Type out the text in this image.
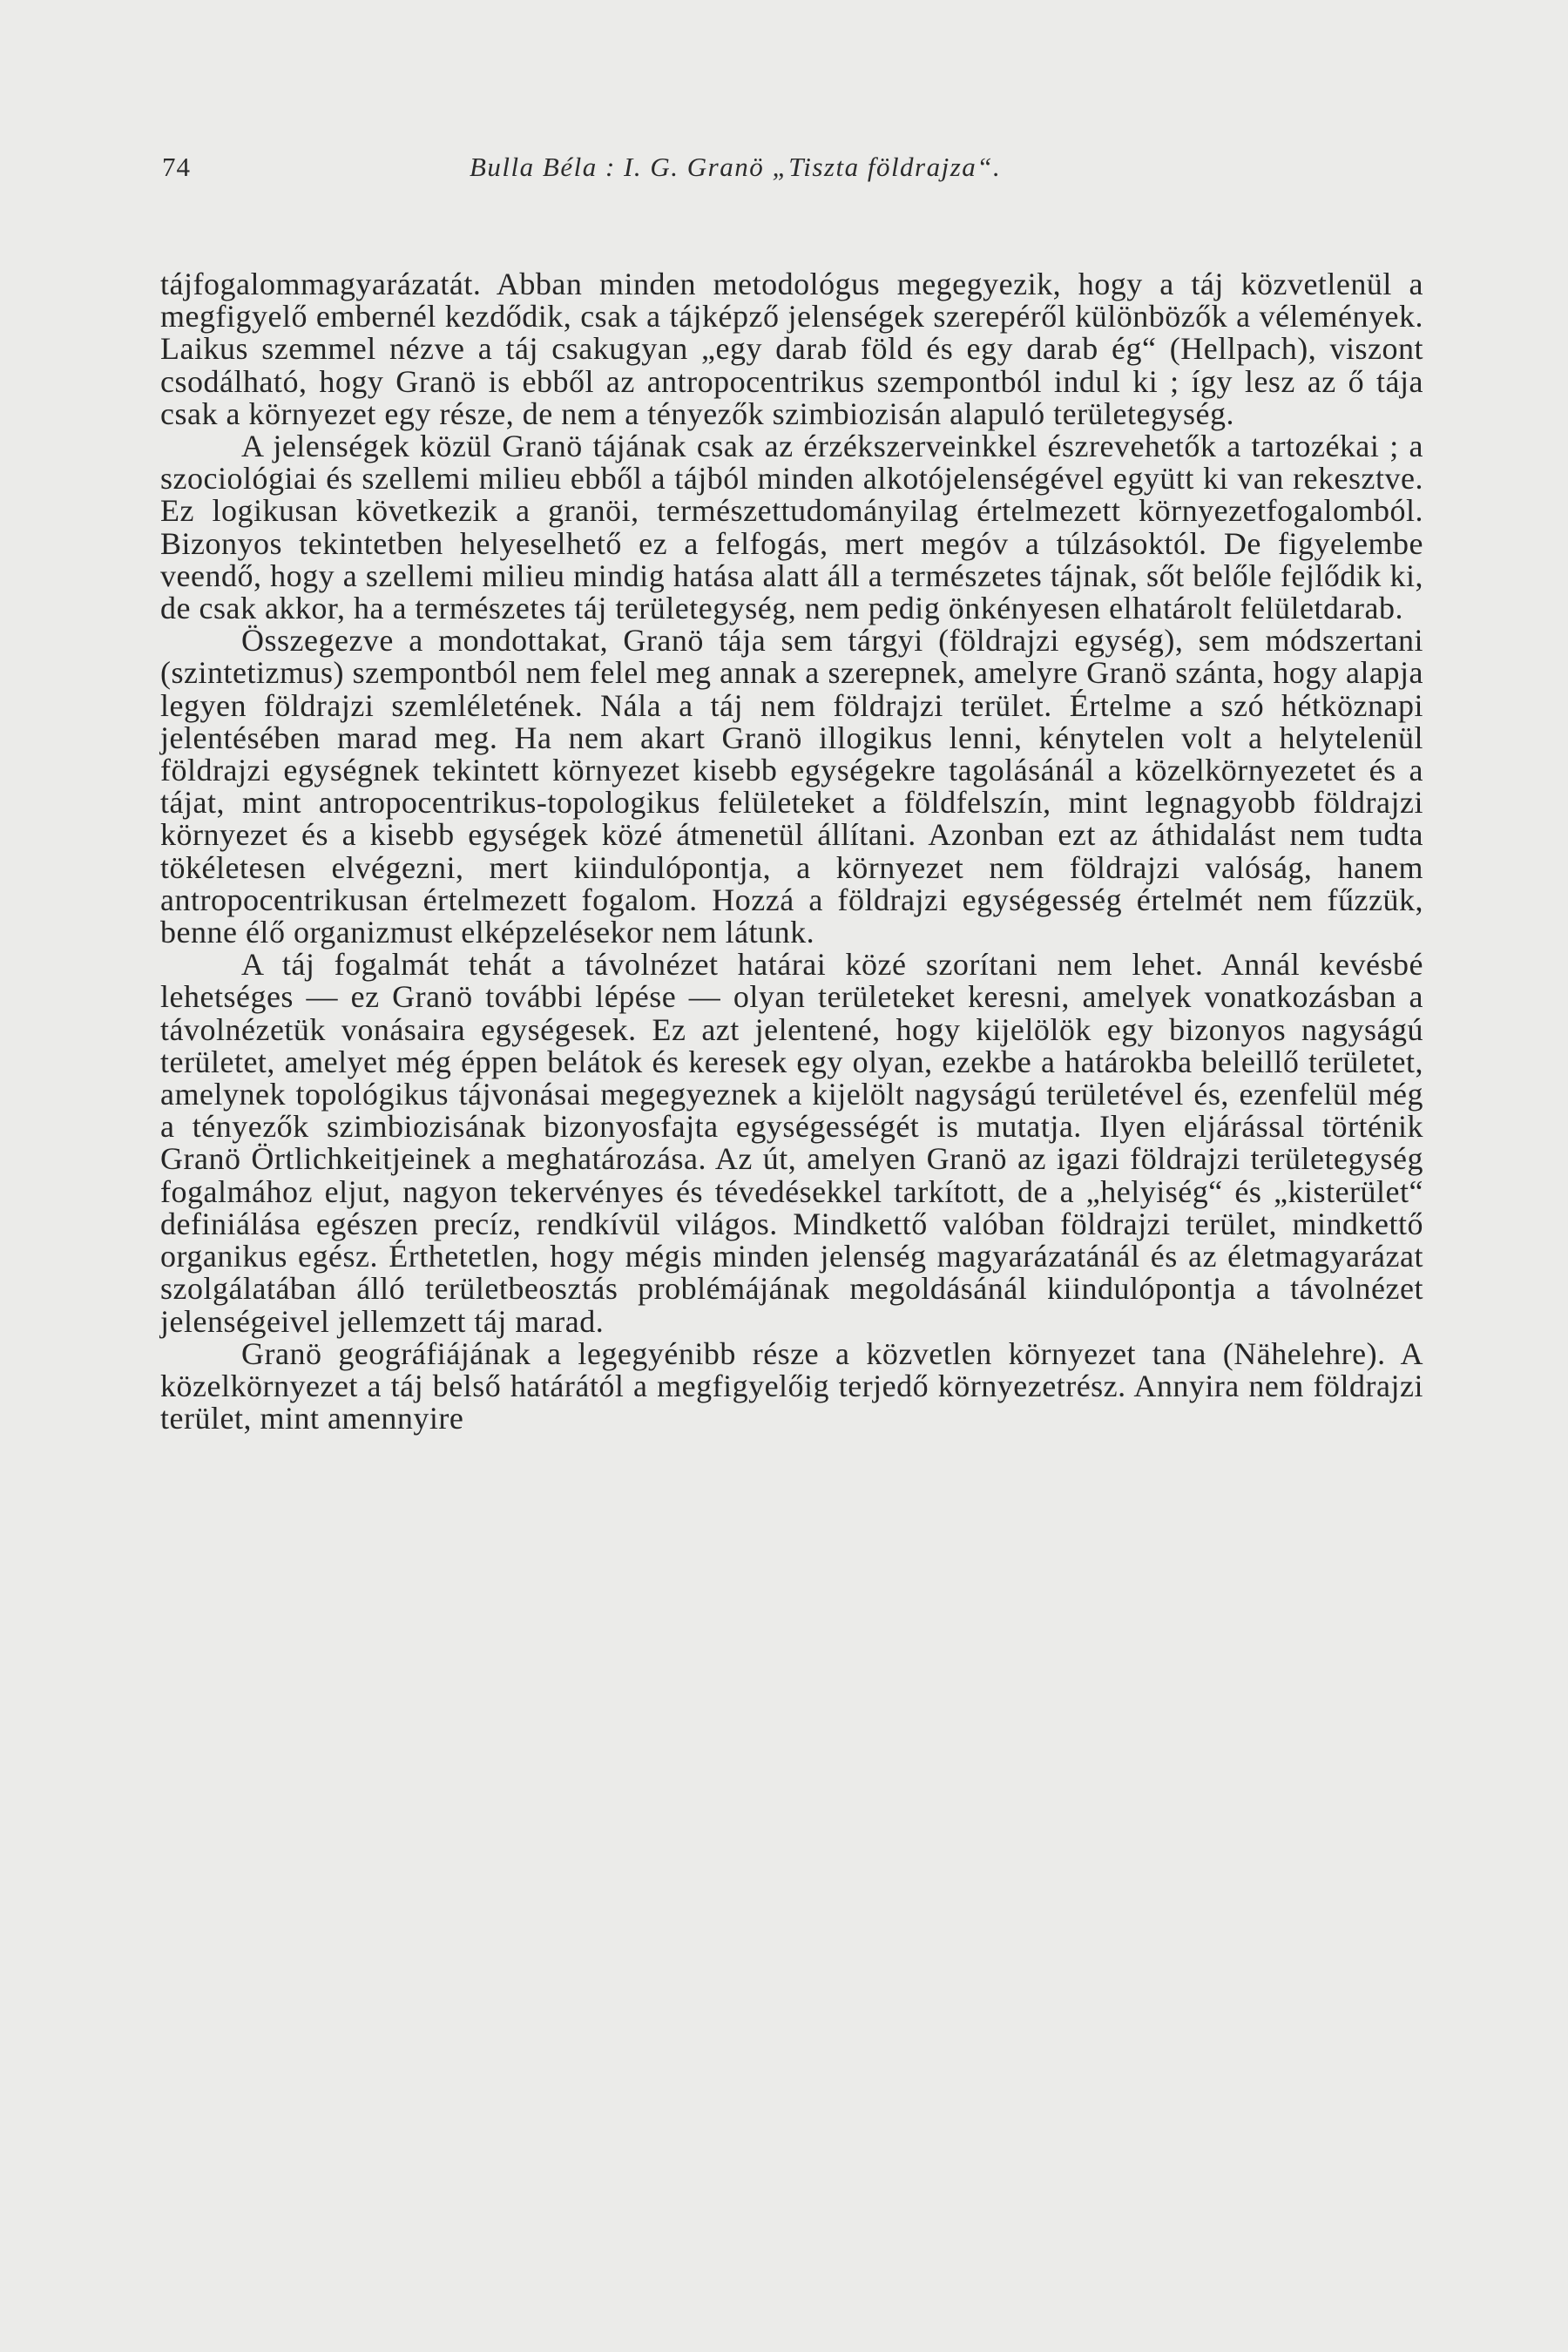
74	Bulla Béla : I. G. Granö „Tiszta földrajza“.

tájfogalommagyarázatát. Abban minden metodológus megegyezik, hogy a táj közvetlenül a megfigyelő embernél kezdődik, csak a tájképző jelenségek szerepéről különbözők a vélemények. Laikus szemmel nézve a táj csakugyan „egy darab föld és egy darab ég“ (Hellpach), viszont csodálható, hogy Granö is ebből az antropocentrikus szempontból indul ki ; így lesz az ő tája csak a környezet egy része, de nem a tényezők szimbiozisán alapuló területegység.

A jelenségek közül Granö tájának csak az érzékszerveinkkel észrevehetők a tartozékai ; a szociológiai és szellemi milieu ebből a tájból minden alkotójelenségével együtt ki van rekesztve. Ez logikusan következik a granöi, természettudományilag értelmezett környezetfogalomból. Bizonyos tekintetben helyeselhető ez a felfogás, mert megóv a túlzásoktól. De figyelembe veendő, hogy a szellemi milieu mindig hatása alatt áll a természetes tájnak, sőt belőle fejlődik ki, de csak akkor, ha a természetes táj területegység, nem pedig önkényesen elhatárolt felületdarab.

Összegezve a mondottakat, Granö tája sem tárgyi (földrajzi egység), sem módszertani (szintetizmus) szempontból nem felel meg annak a szerepnek, amelyre Granö szánta, hogy alapja legyen földrajzi szemléletének. Nála a táj nem földrajzi terület. Értelme a szó hétköznapi jelentésében marad meg. Ha nem akart Granö illogikus lenni, kénytelen volt a helytelenül földrajzi egységnek tekintett környezet kisebb egységekre tagolásánál a közelkörnyezetet és a tájat, mint antropocentrikus-topologikus felületeket a földfelszín, mint legnagyobb földrajzi környezet és a kisebb egységek közé átmenetül állítani. Azonban ezt az áthidalást nem tudta tökéletesen elvégezni, mert kiindulópontja, a környezet nem földrajzi valóság, hanem antropocentrikusan értelmezett fogalom. Hozzá a földrajzi egységesség értelmét nem fűzzük, benne élő organizmust elképzelésekor nem látunk.

A táj fogalmát tehát a távolnézet határai közé szorítani nem lehet. Annál kevésbé lehetséges — ez Granö további lépése — olyan területeket keresni, amelyek vonatkozásban a távolnézetük vonásaira egységesek. Ez azt jelentené, hogy kijelölök egy bizonyos nagyságú területet, amelyet még éppen belátok és keresek egy olyan, ezekbe a határokba beleillő területet, amelynek topológikus tájvonásai megegyeznek a kijelölt nagyságú területével és, ezenfelül még a tényezők szimbiozisának bizonyosfajta egységességét is mutatja. Ilyen eljárással történik Granö Örtlichkeitjeinek a meghatározása. Az út, amelyen Granö az igazi földrajzi területegység fogalmához eljut, nagyon tekervényes és tévedésekkel tarkított, de a „helyiség“ és „kisterület“ definiálása egészen precíz, rendkívül világos. Mindkettő valóban földrajzi terület, mindkettő organikus egész. Érthetetlen, hogy mégis minden jelenség magyarázatánál és az életmagyarázat szolgálatában álló területbeosztás problémájának megoldásánál kiindulópontja a távolnézet jelenségeivel jellemzett táj marad.

Granö geográfiájának a legegyénibb része a közvetlen környezet tana (Nähelehre). A közelkörnyezet a táj belső határától a megfigyelőig terjedő környezetrész. Annyira nem földrajzi terület, mint amennyire
